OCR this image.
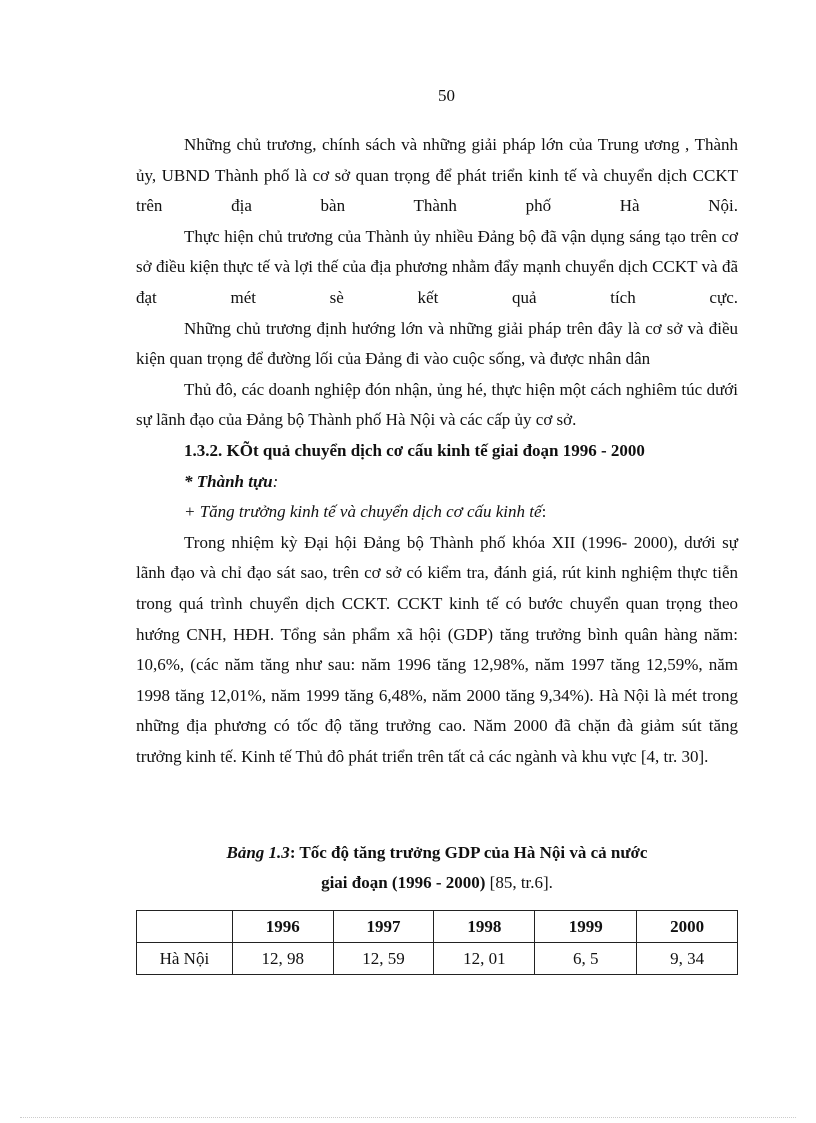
50

Những chủ trương, chính sách và những giải pháp lớn của Trung ương , Thành ủy, UBND Thành phố là cơ sở quan trọng để phát triển kinh tế và chuyển dịch CCKT trên địa bàn Thành phố Hà Nội.

Thực hiện chủ trương của Thành ủy nhiều Đảng bộ đã vận dụng sáng tạo trên cơ sở điều kiện thực tế và lợi thế của địa phương nhằm đẩy mạnh chuyển dịch CCKT và đã đạt mét sè kết quả tích cực.

Những chủ trương định hướng lớn và những giải pháp trên đây là cơ sở và điều kiện quan trọng để đường lối của Đảng đi vào cuộc sống, và được nhân dân

Thủ đô, các doanh nghiệp đón nhận, ủng hé, thực hiện một cách nghiêm túc dưới sự lãnh đạo của Đảng bộ Thành phố Hà Nội và các cấp ủy cơ sở.

1.3.2. KÕt quả chuyển dịch cơ cấu kinh tế giai đoạn 1996 - 2000

* Thành tựu:

+ Tăng trưởng kinh tế và chuyển dịch cơ cấu kinh tế:

Trong nhiệm kỳ Đại hội Đảng bộ Thành phố khóa XII (1996- 2000), dưới sự lãnh đạo và chỉ đạo sát sao, trên cơ sở có kiểm tra, đánh giá, rút kinh nghiệm thực tiễn trong quá trình chuyển dịch CCKT. CCKT kinh tế có bước chuyển quan trọng theo hướng CNH, HĐH. Tổng sản phẩm xã hội (GDP) tăng trưởng bình quân hàng năm: 10,6%, (các năm tăng như sau: năm 1996 tăng 12,98%, năm 1997 tăng 12,59%, năm 1998 tăng 12,01%, năm 1999 tăng 6,48%, năm 2000 tăng 9,34%). Hà Nội là mét trong những địa phương có tốc độ tăng trưởng cao. Năm 2000 đã chặn đà giảm sút tăng trưởng kinh tế. Kinh tế Thủ đô phát triển trên tất cả các ngành và khu vực [4, tr. 30].

Bảng 1.3: Tốc độ tăng trưởng GDP của Hà Nội và cả nước
giai đoạn (1996 - 2000) [85, tr.6].
	1996	1997	1998	1999	2000
Hà Nội	12, 98	12, 59	12, 01	6, 5	9, 34
